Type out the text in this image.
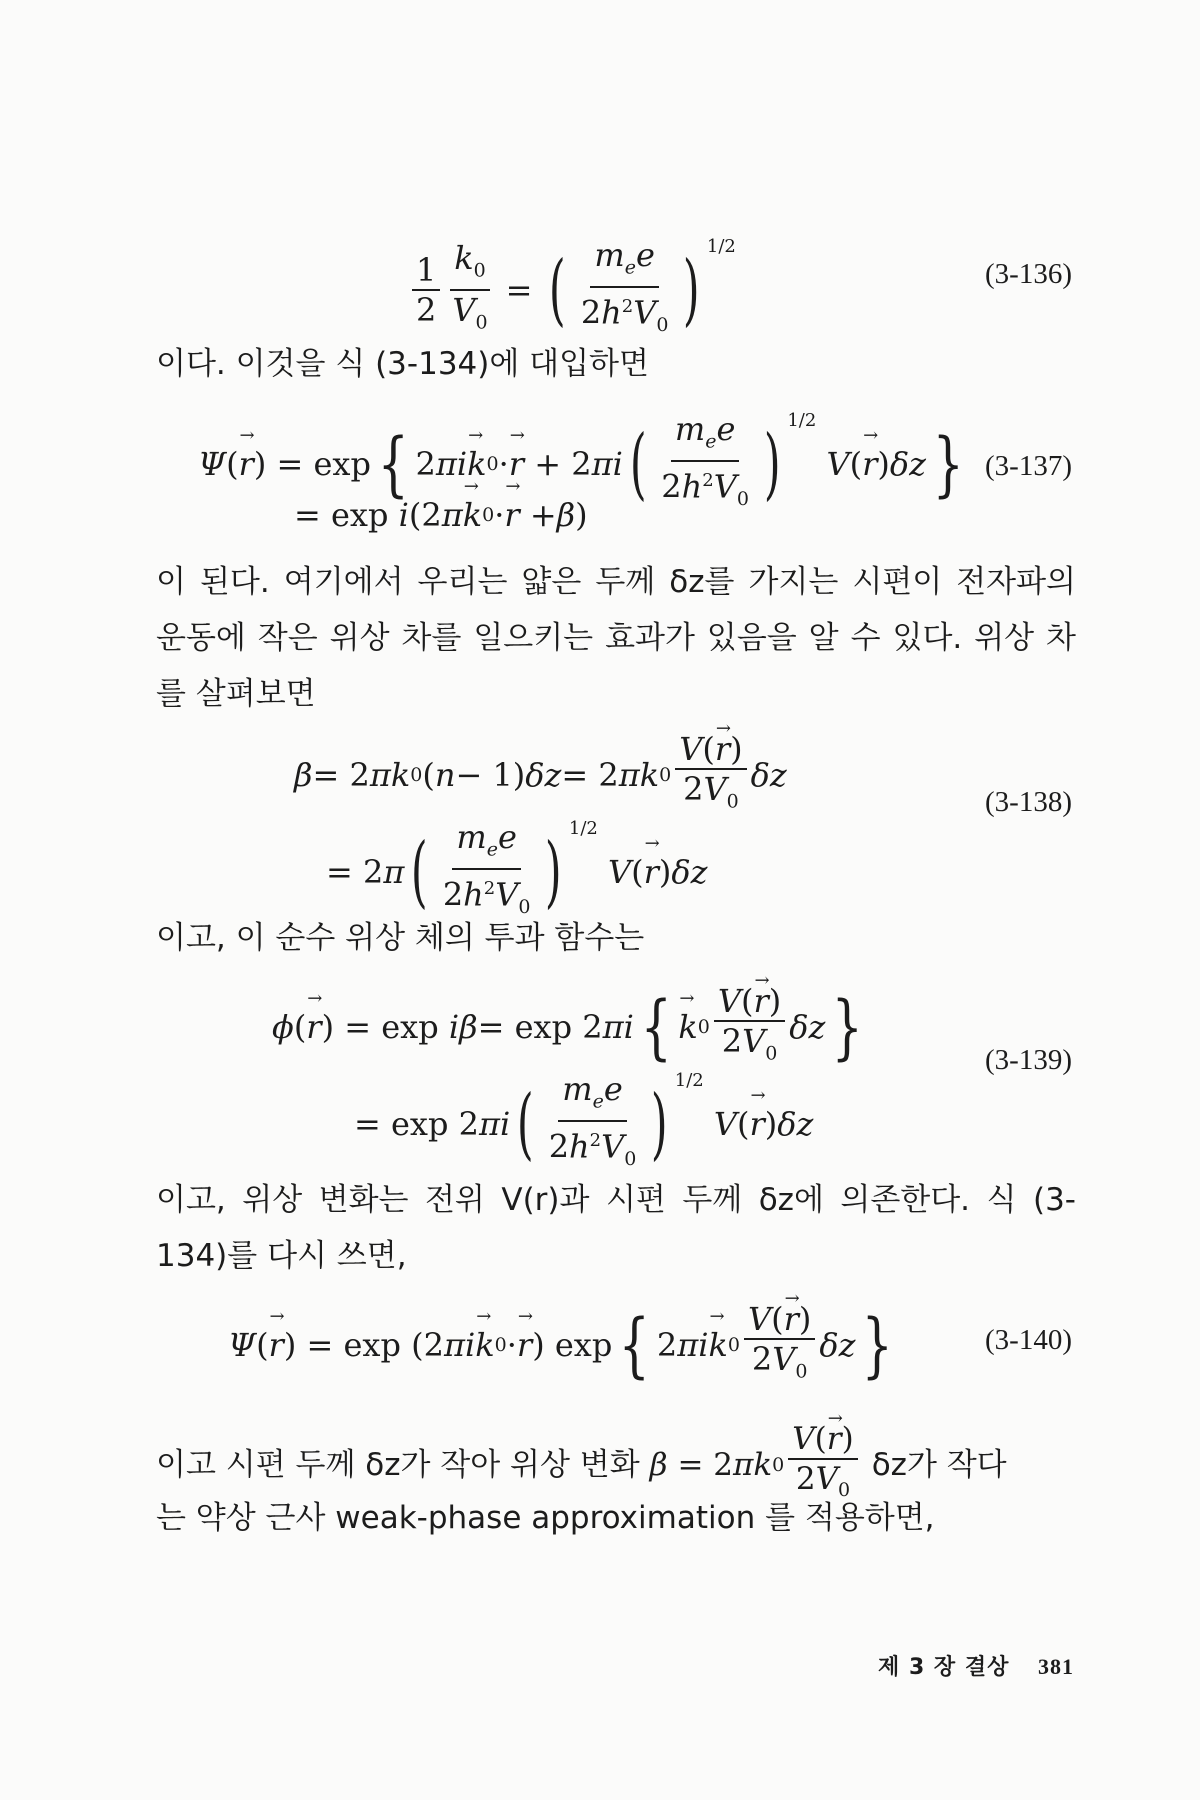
$\frac{1}{2} \frac{k_0}{V_0}$ = ( $\frac{m_ee}{2h^2V_0}$ ) $^{1/2}$
(3-136)
이다. 이것을 식 (3-134)에 대입하면
Ψ ( → r ) = exp { 2 πi → k 0 · → r + 2 πi ( $\frac{m_ee}{2h^2V_0}$ ) $^{1/2}$

V ( → r ) δz } (3-137)
= exp i (2 π → k 0 · → r + β )
이 된다. 여기에서 우리는 얇은 두께 δz를 가지는 시편이 전자파의 운동에 작은 위상 차를 일으키는 효과가 있음을 알 수 있다. 위상 차를 살펴보면
β = 2 πk 0 ( n − 1) δz = 2 πk $0 \frac{V(\to r)}{2V_0}$ δz
(3-138)
= 2 π ( $\frac{m_ee}{2h^2V_0}$ ) $^{1/2}$

V ( → r ) δz
이고, 이 순수 위상 체의 투과 함수는
ϕ ( → r ) = exp iβ = exp 2 πi { → k $0 \frac{V(\to r)}{2V_0}$ δz }	(3-139)
= exp 2 πi ( $\frac{m_ee}{2h^2V_0}$ ) $^{1/2}$

V ( → r ) δz
이고, 위상 변화는 전위 V(r)과 시편 두께 δz에 의존한다. 식 (3-134)를 다시 쓰면,
Ψ ( → r ) = exp (2 πi → k 0 · → r ) exp { 2 πi → k $0 \frac{V(\to r)}{2V_0}$ δz }	(3-140)
이고 시편 두께 δz가 작아 위상 변화 β = 2 πk $0 \frac{V(\to r)}{2V_0}$ δz가 작다
는 약상 근사 weak-phase approximation 를 적용하면,
제 3 장 결상 381
